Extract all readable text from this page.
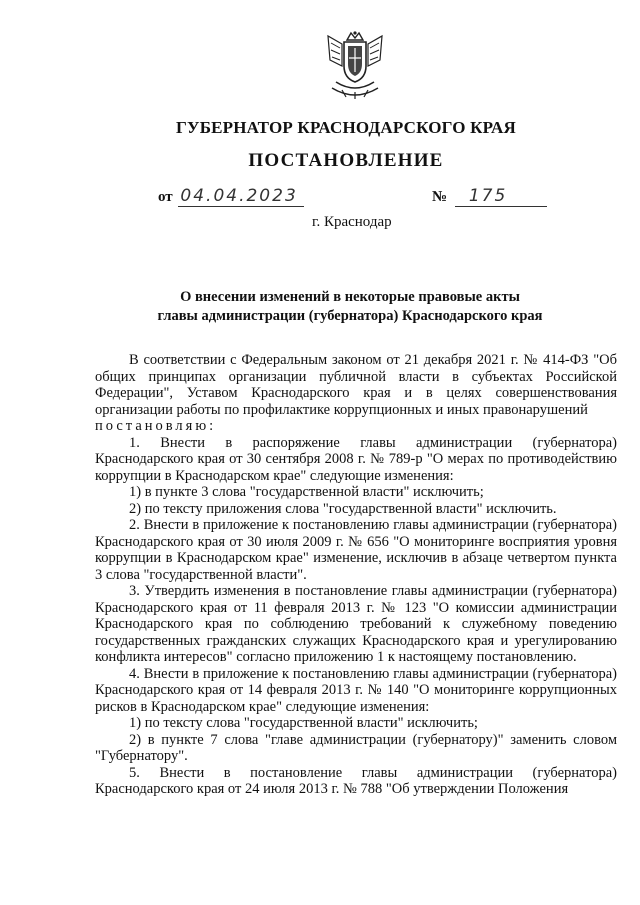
ГУБЕРНАТОР КРАСНОДАРСКОГО КРАЯ
ПОСТАНОВЛЕНИЕ
от 04.04.2023	№ 175
г. Краснодар
О внесении изменений в некоторые правовые акты
главы администрации (губернатора) Краснодарского края

В соответствии с Федеральным законом от 21 декабря 2021 г. № 414-ФЗ "Об общих принципах организации публичной власти в субъектах Российской Федерации", Уставом Краснодарского края и в целях совершенствования организации работы по профилактике коррупционных и иных правонарушений

постановляю:

1. Внести в распоряжение главы администрации (губернатора) Краснодарского края от 30 сентября 2008 г. № 789-р "О мерах по противодействию коррупции в Краснодарском крае" следующие изменения:

1) в пункте 3 слова "государственной власти" исключить;

2) по тексту приложения слова "государственной власти" исключить.

2. Внести в приложение к постановлению главы администрации (губернатора) Краснодарского края от 30 июля 2009 г. № 656 "О мониторинге восприятия уровня коррупции в Краснодарском крае" изменение, исключив в абзаце четвертом пункта 3 слова "государственной власти".

3. Утвердить изменения в постановление главы администрации (губернатора) Краснодарского края от 11 февраля 2013 г. № 123 "О комиссии администрации Краснодарского края по соблюдению требований к служебному поведению государственных гражданских служащих Краснодарского края и урегулированию конфликта интересов" согласно приложению 1 к настоящему постановлению.

4. Внести в приложение к постановлению главы администрации (губернатора) Краснодарского края от 14 февраля 2013 г. № 140 "О мониторинге коррупционных рисков в Краснодарском крае" следующие изменения:

1) по тексту слова "государственной власти" исключить;

2) в пункте 7 слова "главе администрации (губернатору)" заменить словом "Губернатору".

5. Внести в постановление главы администрации (губернатора) Краснодарского края от 24 июля 2013 г. № 788 "Об утверждении Положения
